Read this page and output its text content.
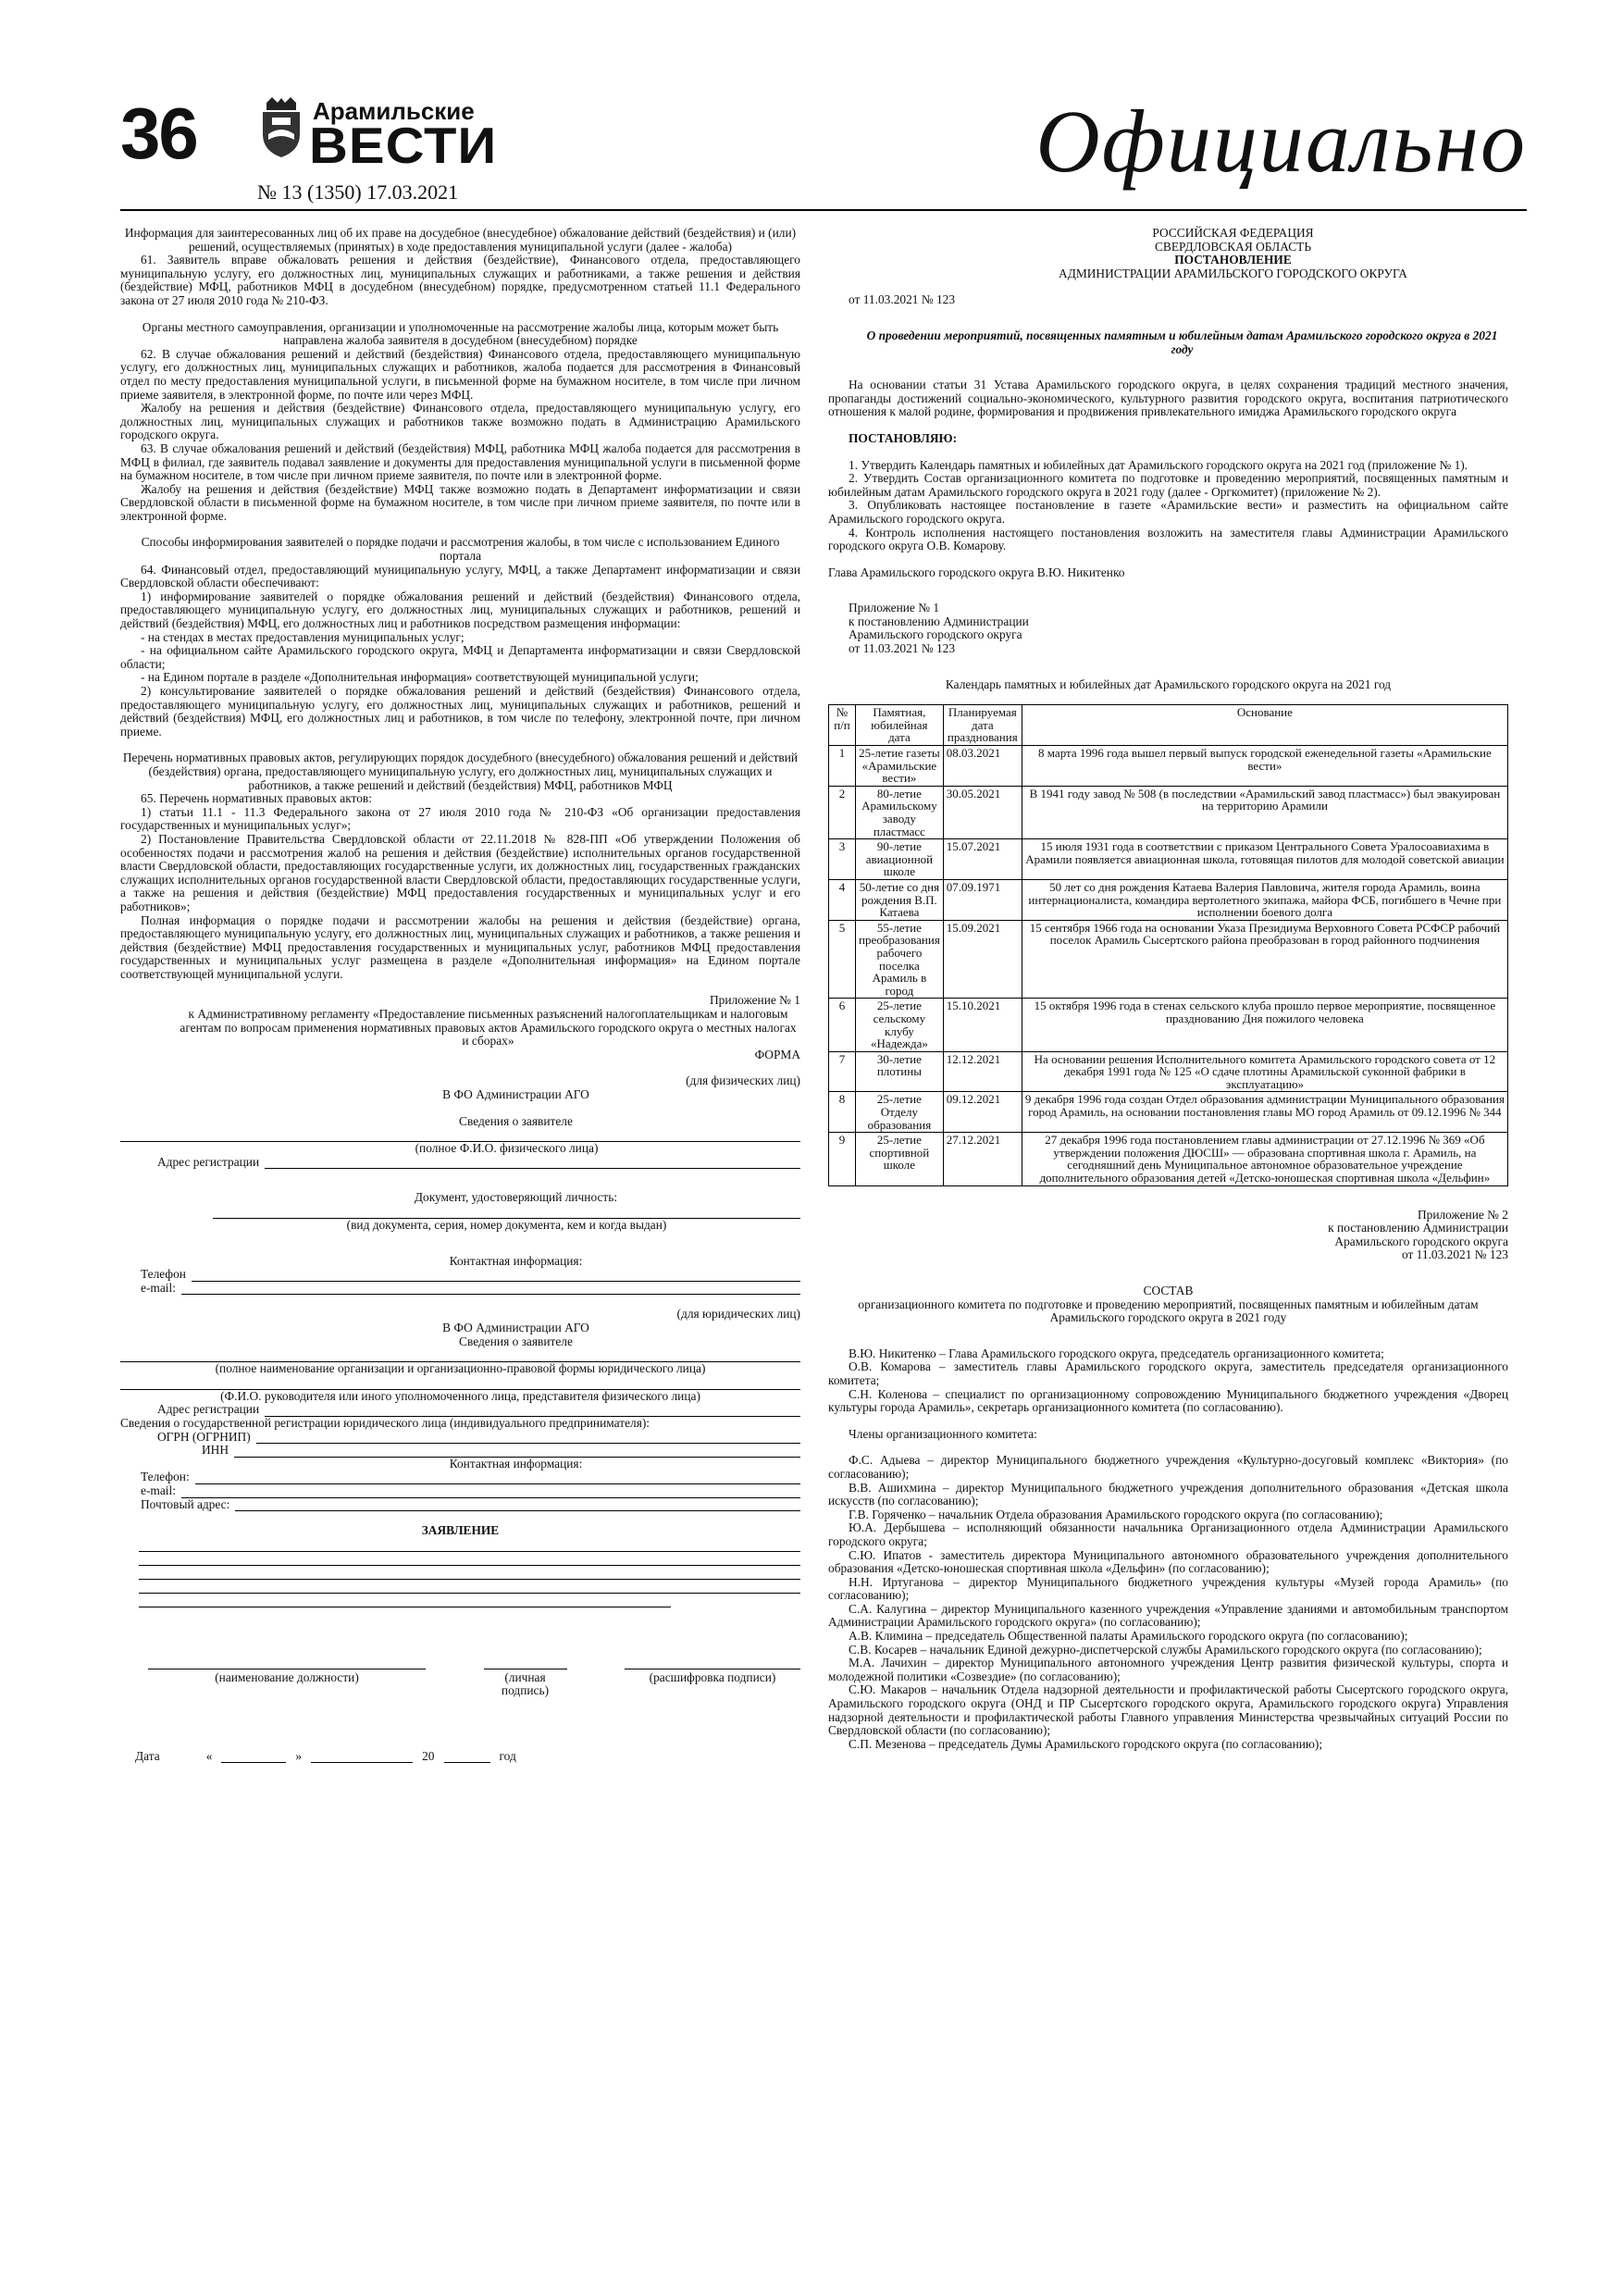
36	Арамильские
ВЕСТИ
№ 13 (1350) 17.03.2021
Официально

Информация для заинтересованных лиц об их праве на досудебное (внесудебное) обжалование действий (бездействия) и (или) решений, осуществляемых (принятых) в ходе предоставления муниципальной услуги (далее - жалоба)

61. Заявитель вправе обжаловать решения и действия (бездействие), Финансового отдела, предоставляющего муниципальную услугу, его должностных лиц, муниципальных служащих и работниками, а также решения и действия (бездействие) МФЦ, работников МФЦ в досудебном (внесудебном) порядке, предусмотренном статьей 11.1 Федерального закона от 27 июля 2010 года № 210-ФЗ.

Органы местного самоуправления, организации и уполномоченные на рассмотрение жалобы лица, которым может быть направлена жалоба заявителя в досудебном (внесудебном) порядке

62. В случае обжалования решений и действий (бездействия) Финансового отдела, предоставляющего муниципальную услугу, его должностных лиц, муниципальных служащих и работников, жалоба подается для рассмотрения в Финансовый отдел по месту предоставления муниципальной услуги, в письменной форме на бумажном носителе, в том числе при личном приеме заявителя, в электронной форме, по почте или через МФЦ.

Жалобу на решения и действия (бездействие) Финансового отдела, предоставляющего муниципальную услугу, его должностных лиц, муниципальных служащих и работников также возможно подать в Администрацию Арамильского городского округа.

63. В случае обжалования решений и действий (бездействия) МФЦ, работника МФЦ жалоба подается для рассмотрения в МФЦ в филиал, где заявитель подавал заявление и документы для предоставления муниципальной услуги в письменной форме на бумажном носителе, в том числе при личном приеме заявителя, по почте или в электронной форме.

Жалобу на решения и действия (бездействие) МФЦ также возможно подать в Департамент информатизации и связи Свердловской области в письменной форме на бумажном носителе, в том числе при личном приеме заявителя, по почте или в электронной форме.

Способы информирования заявителей о порядке подачи и рассмотрения жалобы, в том числе с использованием Единого портала

64. Финансовый отдел, предоставляющий муниципальную услугу, МФЦ, а также Департамент информатизации и связи Свердловской области обеспечивают:

1) информирование заявителей о порядке обжалования решений и действий (бездействия) Финансового отдела, предоставляющего муниципальную услугу, его должностных лиц, муниципальных служащих и работников, решений и действий (бездействия) МФЦ, его должностных лиц и работников посредством размещения информации:

- на стендах в местах предоставления муниципальных услуг;

- на официальном сайте Арамильского городского округа, МФЦ и Департамента информатизации и связи Свердловской области;

- на Едином портале в разделе «Дополнительная информация» соответствующей муниципальной услуги;

2) консультирование заявителей о порядке обжалования решений и действий (бездействия) Финансового отдела, предоставляющего муниципальную услугу, его должностных лиц, муниципальных служащих и работников, решений и действий (бездействия) МФЦ, его должностных лиц и работников, в том числе по телефону, электронной почте, при личном приеме.

Перечень нормативных правовых актов, регулирующих порядок досудебного (внесудебного) обжалования решений и действий (бездействия) органа, предоставляющего муниципальную услугу, его должностных лиц, муниципальных служащих и работников, а также решений и действий (бездействия) МФЦ, работников МФЦ

65. Перечень нормативных правовых актов:

1) статьи 11.1 - 11.3 Федерального закона от 27 июля 2010 года № 210-ФЗ «Об организации предоставления государственных и муниципальных услуг»;

2) Постановление Правительства Свердловской области от 22.11.2018 № 828-ПП «Об утверждении Положения об особенностях подачи и рассмотрения жалоб на решения и действия (бездействие) исполнительных органов государственной власти Свердловской области, предоставляющих государственные услуги, их должностных лиц, государственных гражданских служащих исполнительных органов государственной власти Свердловской области, предоставляющих государственные услуги, а также на решения и действия (бездействие) МФЦ предоставления государственных и муниципальных услуг и его работников»;

Полная информация о порядке подачи и рассмотрении жалобы на решения и действия (бездействие) органа, предоставляющего муниципальную услугу, его должностных лиц, муниципальных служащих и работников, а также решения и действия (бездействие) МФЦ предоставления государственных и муниципальных услуг, работников МФЦ предоставления государственных и муниципальных услуг размещена в разделе «Дополнительная информация» на Едином портале соответствующей муниципальной услуги.

Приложение № 1

к Административному регламенту «Предоставление письменных разъяснений налогоплательщикам и налоговым агентам по вопросам применения нормативных правовых актов Арамильского городского округа о местных налогах и сборах»

ФОРМА

(для физических лиц)

В ФО Администрации АГО

Сведения о заявителе

(полное Ф.И.О. физического лица)

Адрес регистрации

Документ, удостоверяющий личность:

(вид документа, серия, номер документа, кем и когда выдан)

Контактная информация:

Телефон
e-mail:

(для юридических лиц)

В ФО Администрации АГО

Сведения о заявителе

(полное наименование организации и организационно-правовой формы юридического лица)

(Ф.И.О. руководителя или иного уполномоченного лица, представителя физического лица)

Адрес регистрации

Сведения о государственной регистрации юридического лица (индивидуального предпринимателя):

ОГРН (ОГРНИП)
ИНН

Контактная информация:

Телефон:
e-mail:
Почтовый адрес:

ЗАЯВЛЕНИЕ

(наименование должности)	(личная подпись)
(расшифровка подписи)
Дата	«	»	20	год

РОССИЙСКАЯ ФЕДЕРАЦИЯ

СВЕРДЛОВСКАЯ ОБЛАСТЬ

ПОСТАНОВЛЕНИЕ

АДМИНИСТРАЦИИ АРАМИЛЬСКОГО ГОРОДСКОГО ОКРУГА

от 11.03.2021 № 123

О проведении мероприятий, посвященных памятным и юбилейным датам Арамильского городского округа в 2021 году

На основании статьи 31 Устава Арамильского городского округа, в целях сохранения традиций местного значения, пропаганды достижений социально-экономического, культурного развития городского округа, воспитания патриотического отношения к малой родине, формирования и продвижения привлекательного имиджа Арамильского городского округа

ПОСТАНОВЛЯЮ:

1. Утвердить Календарь памятных и юбилейных дат Арамильского городского округа на 2021 год (приложение № 1).

2. Утвердить Состав организационного комитета по подготовке и проведению мероприятий, посвященных памятным и юбилейным датам Арамильского городского округа в 2021 году (далее - Оргкомитет) (приложение № 2).

3. Опубликовать настоящее постановление в газете «Арамильские вести» и разместить на официальном сайте Арамильского городского округа.

4. Контроль исполнения настоящего постановления возложить на заместителя главы Администрации Арамильского городского округа О.В. Комарову.

Глава Арамильского городского округа В.Ю. Никитенко

Приложение № 1

к постановлению Администрации

Арамильского городского округа

от 11.03.2021 № 123

Календарь памятных и юбилейных дат Арамильского городского округа на 2021 год

№ п/п	Памятная, юбилейная дата	Планируемая дата празднования	Основание
1	25-летие газеты «Арамильские вести»	08.03.2021	8 марта 1996 года вышел первый выпуск городской еженедельной газеты «Арамильские вести»
2	80-летие Арамильскому заводу пластмасс	30.05.2021	В 1941 году завод № 508 (в последствии «Арамильский завод пластмасс») был эвакуирован на территорию Арамили
3	90-летие авиационной школе	15.07.2021	15 июля 1931 года в соответствии с приказом Центрального Совета Уралосоавиахима в Арамили появляется авиационная школа, готовящая пилотов для молодой советской авиации
4	50-летие со дня рождения В.П. Катаева	07.09.1971	50 лет со дня рождения Катаева Валерия Павловича, жителя города Арамиль, воина интернационалиста, командира вертолетного экипажа, майора ФСБ, погибшего в Чечне при исполнении боевого долга
5	55-летие преобразования рабочего поселка Арамиль в город	15.09.2021	15 сентября 1966 года на основании Указа Президиума Верховного Совета РСФСР рабочий поселок Арамиль Сысертского района преобразован в город районного подчинения
6	25-летие сельскому клубу «Надежда»	15.10.2021	15 октября 1996 года в стенах сельского клуба прошло первое мероприятие, посвященное празднованию Дня пожилого человека
7	30-летие плотины	12.12.2021	На основании решения Исполнительного комитета Арамильского городского совета от 12 декабря 1991 года № 125 «О сдаче плотины Арамильской суконной фабрики в эксплуатацию»
8	25-летие Отделу образования	09.12.2021	9 декабря 1996 года создан Отдел образования администрации Муниципального образования город Арамиль, на основании постановления главы МО город Арамиль от 09.12.1996 № 344
9	25-летие спортивной школе	27.12.2021	27 декабря 1996 года постановлением главы администрации от 27.12.1996 № 369 «Об утверждении положения ДЮСШ» — образована спортивная школа г. Арамиль, на сегодняшний день Муниципальное автономное образовательное учреждение дополнительного образования детей «Детско-юношеская спортивная школа «Дельфин»

Приложение № 2

к постановлению Администрации

Арамильского городского округа

от 11.03.2021 № 123

СОСТАВ

организационного комитета по подготовке и проведению мероприятий, посвященных памятным и юбилейным датам Арамильского городского округа в 2021 году

В.Ю. Никитенко – Глава Арамильского городского округа, председатель организационного комитета;

О.В. Комарова – заместитель главы Арамильского городского округа, заместитель председателя организационного комитета;

С.Н. Коленова – специалист по организационному сопровождению Муниципального бюджетного учреждения «Дворец культуры города Арамиль», секретарь организационного комитета (по согласованию).

Члены организационного комитета:

Ф.С. Адыева – директор Муниципального бюджетного учреждения «Культурно-досуговый комплекс «Виктория» (по согласованию);

В.В. Ашихмина – директор Муниципального бюджетного учреждения дополнительного образования «Детская школа искусств (по согласованию);

Г.В. Горяченко – начальник Отдела образования Арамильского городского округа (по согласованию);

Ю.А. Дербышева – исполняющий обязанности начальника Организационного отдела Администрации Арамильского городского округа;

С.Ю. Ипатов - заместитель директора Муниципального автономного образовательного учреждения дополнительного образования «Детско-юношеская спортивная школа «Дельфин» (по согласованию);

Н.Н. Иртуганова – директор Муниципального бюджетного учреждения культуры «Музей города Арамиль» (по согласованию);

С.А. Калугина – директор Муниципального казенного учреждения «Управление зданиями и автомобильным транспортом Администрации Арамильского городского округа» (по согласованию);

А.В. Климина – председатель Общественной палаты Арамильского городского округа (по согласованию);

С.В. Косарев – начальник Единой дежурно-диспетчерской службы Арамильского городского округа (по согласованию);

М.А. Лачихин – директор Муниципального автономного учреждения Центр развития физической культуры, спорта и молодежной политики «Созвездие» (по согласованию);

С.Ю. Макаров – начальник Отдела надзорной деятельности и профилактической работы Сысертского городского округа, Арамильского городского округа (ОНД и ПР Сысертского городского округа, Арамильского городского округа) Управления надзорной деятельности и профилактической работы Главного управления Министерства чрезвычайных ситуаций России по Свердловской области (по согласованию);

С.П. Мезенова – председатель Думы Арамильского городского округа (по согласованию);
